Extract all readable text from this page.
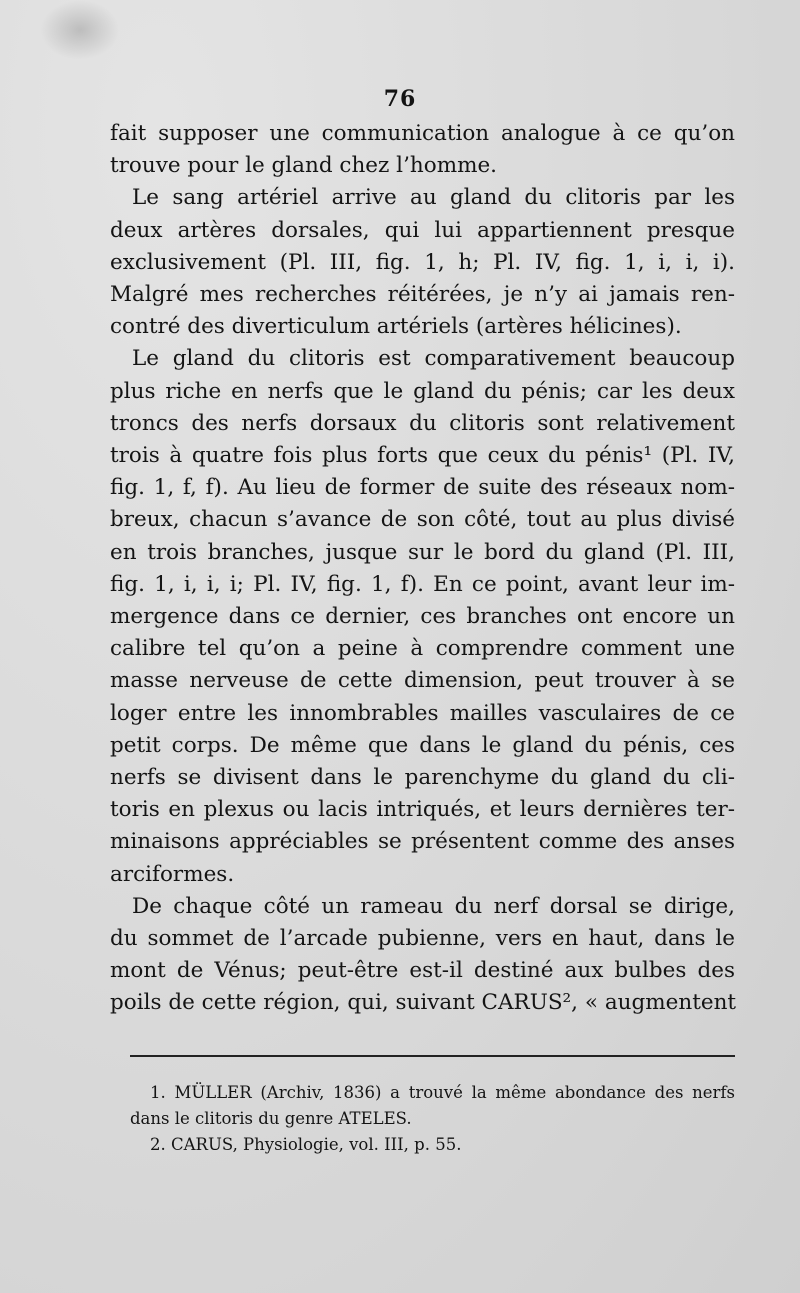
76
fait supposer une communication analogue à ce qu’on
trouve pour le gland chez l’homme.
Le sang artériel arrive au gland du clitoris par les
deux artères dorsales, qui lui appartiennent presque
exclusivement (Pl. III, fig. 1, h; Pl. IV, fig. 1, i, i, i).
Malgré mes recherches réitérées, je n’y ai jamais ren-
contré des diverticulum artériels (artères hélicines).
Le gland du clitoris est comparativement beaucoup
plus riche en nerfs que le gland du pénis; car les deux
troncs des nerfs dorsaux du clitoris sont relativement
trois à quatre fois plus forts que ceux du pénis¹ (Pl. IV,
fig. 1, f, f). Au lieu de former de suite des réseaux nom-
breux, chacun s’avance de son côté, tout au plus divisé
en trois branches, jusque sur le bord du gland (Pl. III,
fig. 1, i, i, i; Pl. IV, fig. 1, f). En ce point, avant leur im-
mergence dans ce dernier, ces branches ont encore un
calibre tel qu’on a peine à comprendre comment une
masse nerveuse de cette dimension, peut trouver à se
loger entre les innombrables mailles vasculaires de ce
petit corps. De même que dans le gland du pénis, ces
nerfs se divisent dans le parenchyme du gland du cli-
toris en plexus ou lacis intriqués, et leurs dernières ter-
minaisons appréciables se présentent comme des anses
arciformes.
De chaque côté un rameau du nerf dorsal se dirige,
du sommet de l’arcade pubienne, vers en haut, dans le
mont de Vénus; peut-être est-il destiné aux bulbes des
poils de cette région, qui, suivant CARUS², « augmentent
1. MÜLLER (Archiv, 1836) a trouvé la même abondance des nerfs
dans le clitoris du genre ATELES.
2. CARUS, Physiologie, vol. III, p. 55.
